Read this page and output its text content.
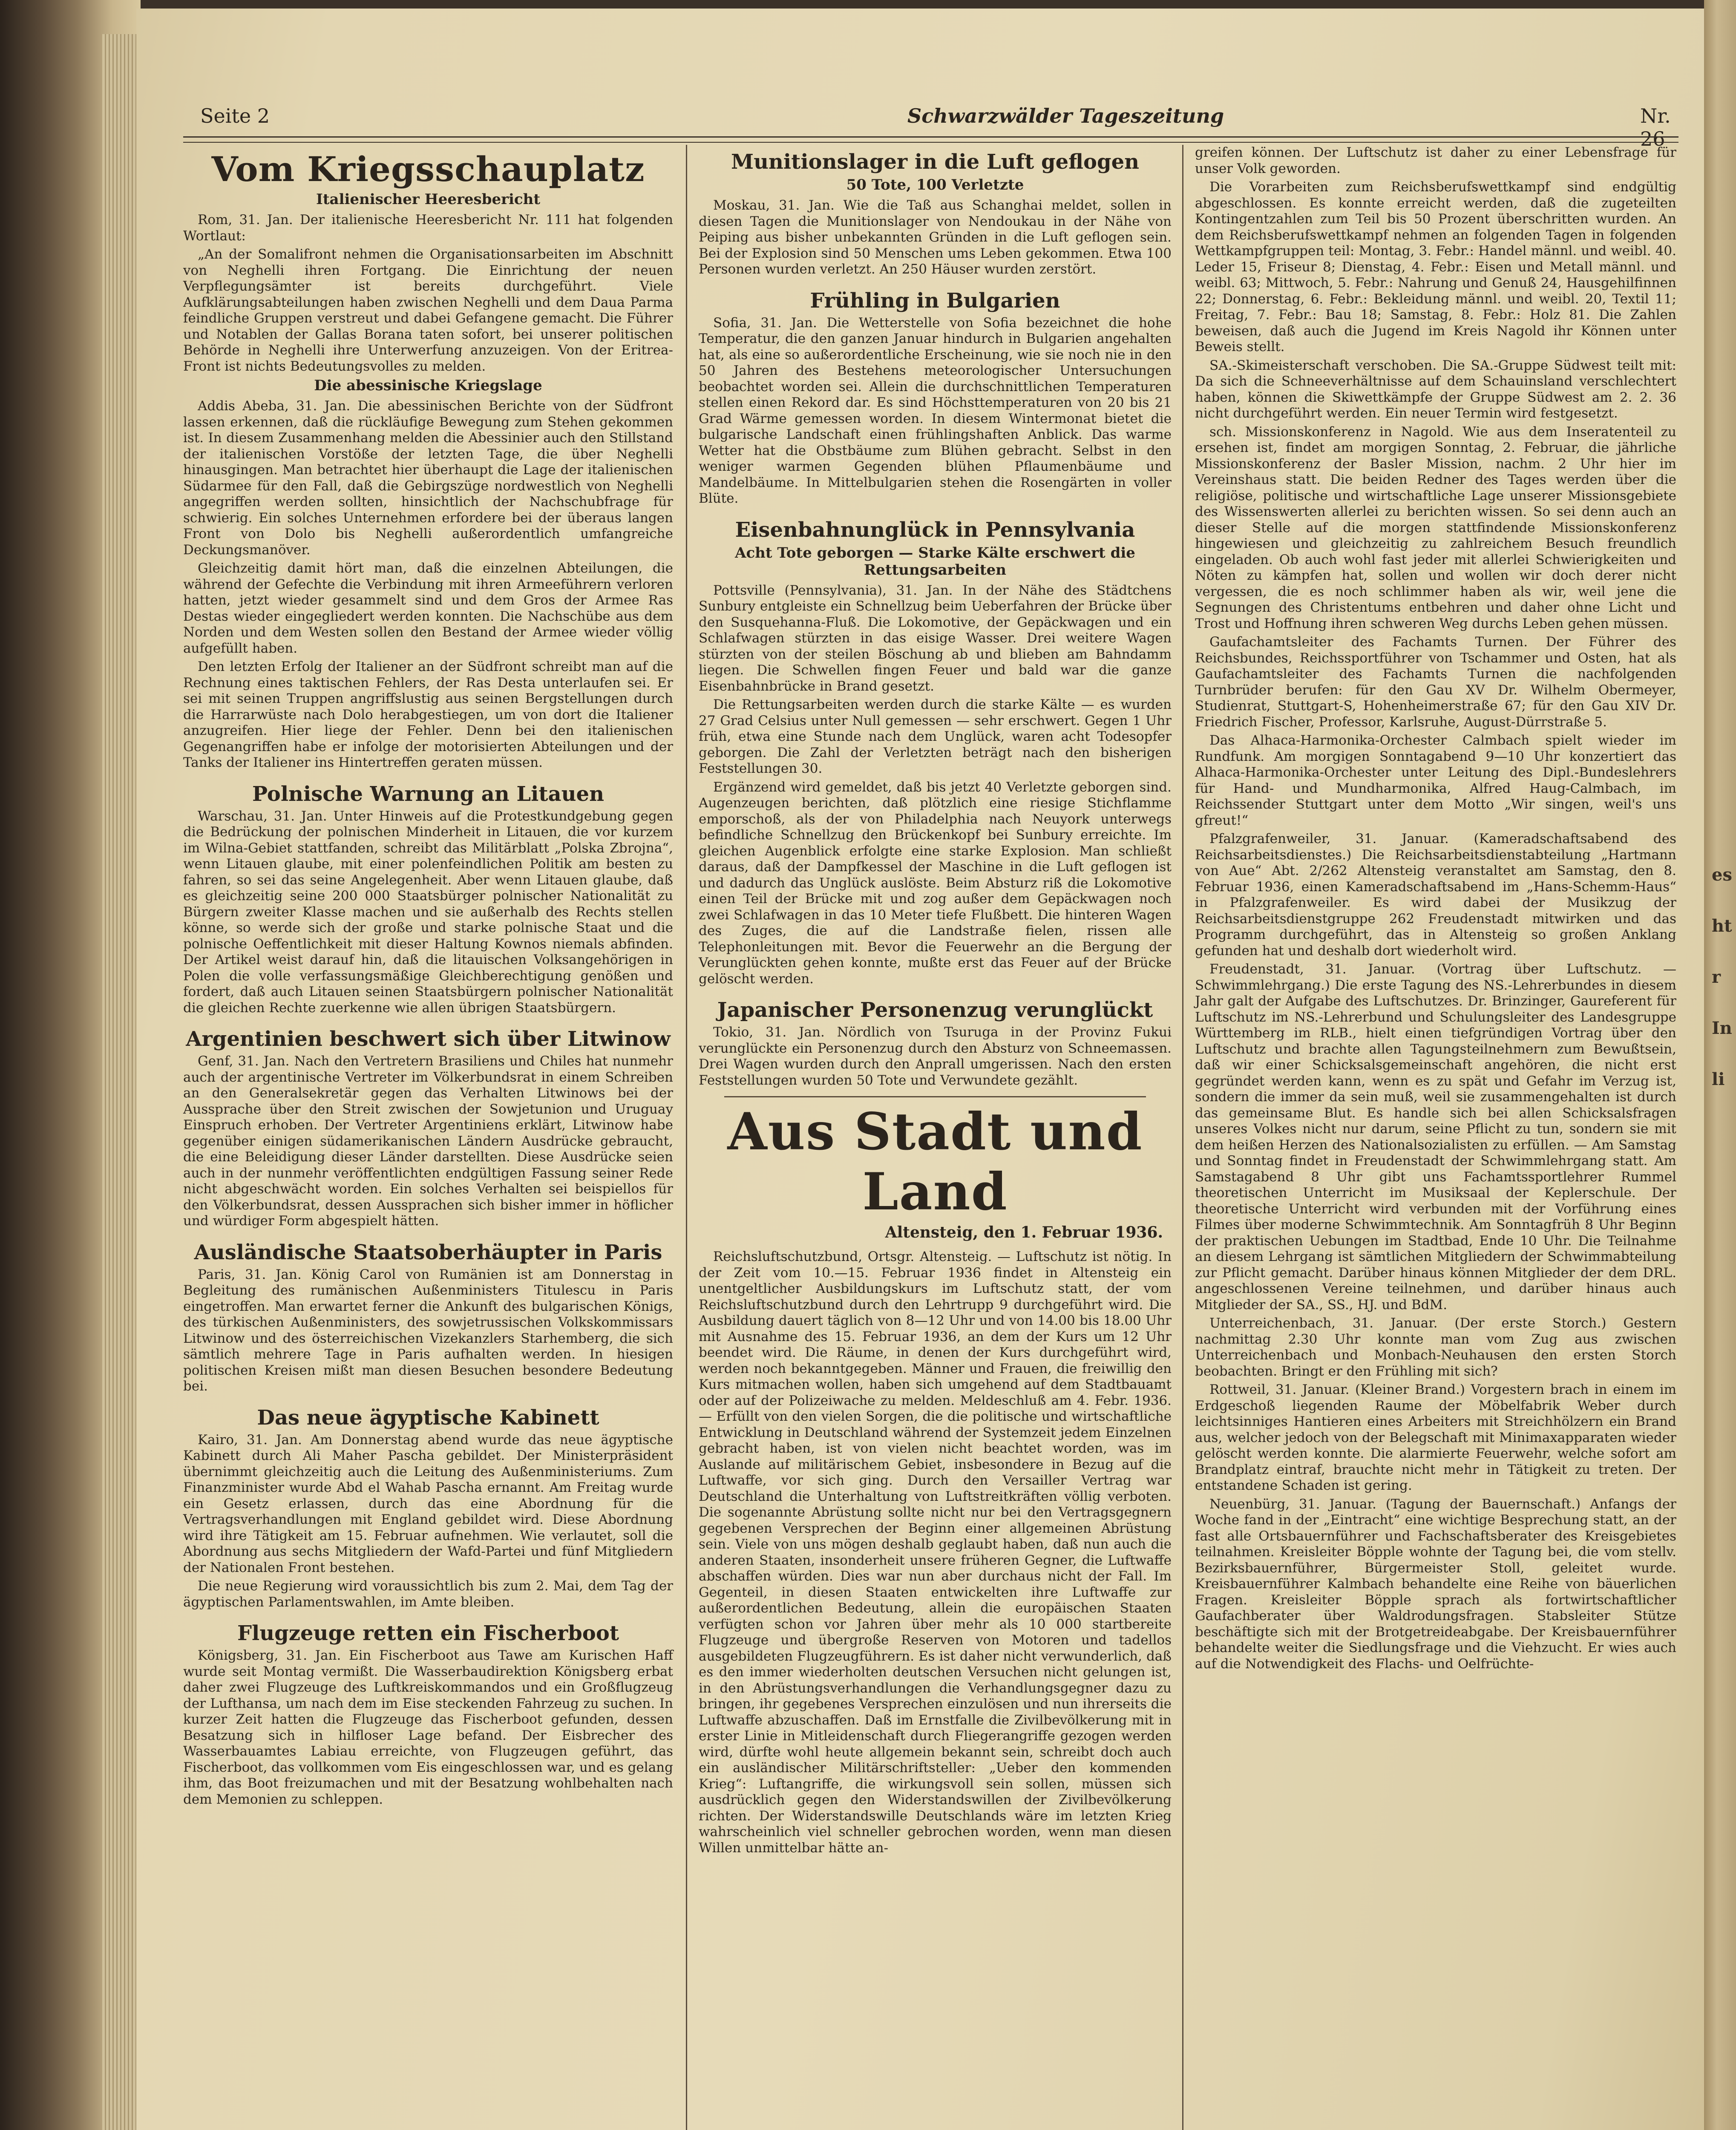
Seite 2	Schwarzwälder Tageszeitung	Nr. 26
Vom Kriegsschauplatz
Italienischer Heeresbericht

Rom, 31. Jan. Der italienische Heeresbericht Nr. 111 hat folgenden Wortlaut:

„An der Somalifront nehmen die Organisationsarbeiten im Abschnitt von Neghelli ihren Fortgang. Die Einrichtung der neuen Verpflegungsämter ist bereits durchgeführt. Viele Aufklärungsabteilungen haben zwischen Neghelli und dem Daua Parma feindliche Gruppen verstreut und dabei Gefangene gemacht. Die Führer und Notablen der Gallas Borana taten sofort, bei unserer politischen Behörde in Neghelli ihre Unterwerfung anzuzeigen. Von der Eritrea-Front ist nichts Bedeutungsvolles zu melden.

Die abessinische Kriegslage

Addis Abeba, 31. Jan. Die abessinischen Berichte von der Südfront lassen erkennen, daß die rückläufige Bewegung zum Stehen gekommen ist. In diesem Zusammenhang melden die Abessinier auch den Stillstand der italienischen Vorstöße der letzten Tage, die über Neghelli hinausgingen. Man betrachtet hier überhaupt die Lage der italienischen Südarmee für den Fall, daß die Gebirgszüge nordwestlich von Neghelli angegriffen werden sollten, hinsichtlich der Nachschubfrage für schwierig. Ein solches Unternehmen erfordere bei der überaus langen Front von Dolo bis Neghelli außerordentlich umfangreiche Deckungsmanöver.

Gleichzeitig damit hört man, daß die einzelnen Abteilungen, die während der Gefechte die Verbindung mit ihren Armeeführern verloren hatten, jetzt wieder gesammelt sind und dem Gros der Armee Ras Destas wieder eingegliedert werden konnten. Die Nachschübe aus dem Norden und dem Westen sollen den Bestand der Armee wieder völlig aufgefüllt haben.

Den letzten Erfolg der Italiener an der Südfront schreibt man auf die Rechnung eines taktischen Fehlers, der Ras Desta unterlaufen sei. Er sei mit seinen Truppen angriffslustig aus seinen Bergstellungen durch die Harrarwüste nach Dolo herabgestiegen, um von dort die Italiener anzugreifen. Hier liege der Fehler. Denn bei den italienischen Gegenangriffen habe er infolge der motorisierten Abteilungen und der Tanks der Italiener ins Hintertreffen geraten müssen.

Polnische Warnung an Litauen

Warschau, 31. Jan. Unter Hinweis auf die Protestkundgebung gegen die Bedrückung der polnischen Minderheit in Litauen, die vor kurzem im Wilna-Gebiet stattfanden, schreibt das Militärblatt „Polska Zbrojna“, wenn Litauen glaube, mit einer polenfeindlichen Politik am besten zu fahren, so sei das seine Angelegenheit. Aber wenn Litauen glaube, daß es gleichzeitig seine 200 000 Staatsbürger polnischer Nationalität zu Bürgern zweiter Klasse machen und sie außerhalb des Rechts stellen könne, so werde sich der große und starke polnische Staat und die polnische Oeffentlichkeit mit dieser Haltung Kownos niemals abfinden. Der Artikel weist darauf hin, daß die litauischen Volksangehörigen in Polen die volle verfassungsmäßige Gleichberechtigung genößen und fordert, daß auch Litauen seinen Staatsbürgern polnischer Nationalität die gleichen Rechte zuerkenne wie allen übrigen Staatsbürgern.

Argentinien beschwert sich über Litwinow

Genf, 31. Jan. Nach den Vertretern Brasiliens und Chiles hat nunmehr auch der argentinische Vertreter im Völkerbundsrat in einem Schreiben an den Generalsekretär gegen das Verhalten Litwinows bei der Aussprache über den Streit zwischen der Sowjetunion und Uruguay Einspruch erhoben. Der Vertreter Argentiniens erklärt, Litwinow habe gegenüber einigen südamerikanischen Ländern Ausdrücke gebraucht, die eine Beleidigung dieser Länder darstellten. Diese Ausdrücke seien auch in der nunmehr veröffentlichten endgültigen Fassung seiner Rede nicht abgeschwächt worden. Ein solches Verhalten sei beispiellos für den Völkerbundsrat, dessen Aussprachen sich bisher immer in höflicher und würdiger Form abgespielt hätten.

Ausländische Staatsoberhäupter in Paris

Paris, 31. Jan. König Carol von Rumänien ist am Donnerstag in Begleitung des rumänischen Außenministers Titulescu in Paris eingetroffen. Man erwartet ferner die Ankunft des bulgarischen Königs, des türkischen Außenministers, des sowjetrussischen Volkskommissars Litwinow und des österreichischen Vizekanzlers Starhemberg, die sich sämtlich mehrere Tage in Paris aufhalten werden. In hiesigen politischen Kreisen mißt man diesen Besuchen besondere Bedeutung bei.

Das neue ägyptische Kabinett

Kairo, 31. Jan. Am Donnerstag abend wurde das neue ägyptische Kabinett durch Ali Maher Pascha gebildet. Der Ministerpräsident übernimmt gleichzeitig auch die Leitung des Außenministeriums. Zum Finanzminister wurde Abd el Wahab Pascha ernannt. Am Freitag wurde ein Gesetz erlassen, durch das eine Abordnung für die Vertragsverhandlungen mit England gebildet wird. Diese Abordnung wird ihre Tätigkeit am 15. Februar aufnehmen. Wie verlautet, soll die Abordnung aus sechs Mitgliedern der Wafd-Partei und fünf Mitgliedern der Nationalen Front bestehen.

Die neue Regierung wird voraussichtlich bis zum 2. Mai, dem Tag der ägyptischen Parlamentswahlen, im Amte bleiben.

Flugzeuge retten ein Fischerboot

Königsberg, 31. Jan. Ein Fischerboot aus Tawe am Kurischen Haff wurde seit Montag vermißt. Die Wasserbaudirektion Königsberg erbat daher zwei Flugzeuge des Luftkreiskommandos und ein Großflugzeug der Lufthansa, um nach dem im Eise steckenden Fahrzeug zu suchen. In kurzer Zeit hatten die Flugzeuge das Fischerboot gefunden, dessen Besatzung sich in hilfloser Lage befand. Der Eisbrecher des Wasserbauamtes Labiau erreichte, von Flugzeugen geführt, das Fischerboot, das vollkommen vom Eis eingeschlossen war, und es gelang ihm, das Boot freizumachen und mit der Besatzung wohlbehalten nach dem Memonien zu schleppen.

Munitionslager in die Luft geflogen
50 Tote, 100 Verletzte

Moskau, 31. Jan. Wie die Taß aus Schanghai meldet, sollen in diesen Tagen die Munitionslager von Nendoukau in der Nähe von Peiping aus bisher unbekannten Gründen in die Luft geflogen sein. Bei der Explosion sind 50 Menschen ums Leben gekommen. Etwa 100 Personen wurden verletzt. An 250 Häuser wurden zerstört.

Frühling in Bulgarien

Sofia, 31. Jan. Die Wetterstelle von Sofia bezeichnet die hohe Temperatur, die den ganzen Januar hindurch in Bulgarien angehalten hat, als eine so außerordentliche Erscheinung, wie sie noch nie in den 50 Jahren des Bestehens meteorologischer Untersuchungen beobachtet worden sei. Allein die durchschnittlichen Temperaturen stellen einen Rekord dar. Es sind Höchsttemperaturen von 20 bis 21 Grad Wärme gemessen worden. In diesem Wintermonat bietet die bulgarische Landschaft einen frühlingshaften Anblick. Das warme Wetter hat die Obstbäume zum Blühen gebracht. Selbst in den weniger warmen Gegenden blühen Pflaumenbäume und Mandelbäume. In Mittelbulgarien stehen die Rosengärten in voller Blüte.

Eisenbahnunglück in Pennsylvania
Acht Tote geborgen — Starke Kälte erschwert die Rettungsarbeiten

Pottsville (Pennsylvania), 31. Jan. In der Nähe des Städtchens Sunbury entgleiste ein Schnellzug beim Ueberfahren der Brücke über den Susquehanna-Fluß. Die Lokomotive, der Gepäckwagen und ein Schlafwagen stürzten in das eisige Wasser. Drei weitere Wagen stürzten von der steilen Böschung ab und blieben am Bahndamm liegen. Die Schwellen fingen Feuer und bald war die ganze Eisenbahnbrücke in Brand gesetzt.

Die Rettungsarbeiten werden durch die starke Kälte — es wurden 27 Grad Celsius unter Null gemessen — sehr erschwert. Gegen 1 Uhr früh, etwa eine Stunde nach dem Unglück, waren acht Todesopfer geborgen. Die Zahl der Verletzten beträgt nach den bisherigen Feststellungen 30.

Ergänzend wird gemeldet, daß bis jetzt 40 Verletzte geborgen sind. Augenzeugen berichten, daß plötzlich eine riesige Stichflamme emporschoß, als der von Philadelphia nach Neuyork unterwegs befindliche Schnellzug den Brückenkopf bei Sunbury erreichte. Im gleichen Augenblick erfolgte eine starke Explosion. Man schließt daraus, daß der Dampfkessel der Maschine in die Luft geflogen ist und dadurch das Unglück auslöste. Beim Absturz riß die Lokomotive einen Teil der Brücke mit und zog außer dem Gepäckwagen noch zwei Schlafwagen in das 10 Meter tiefe Flußbett. Die hinteren Wagen des Zuges, die auf die Landstraße fielen, rissen alle Telephonleitungen mit. Bevor die Feuerwehr an die Bergung der Verunglückten gehen konnte, mußte erst das Feuer auf der Brücke gelöscht werden.

Japanischer Personenzug verunglückt

Tokio, 31. Jan. Nördlich von Tsuruga in der Provinz Fukui verunglückte ein Personenzug durch den Absturz von Schneemassen. Drei Wagen wurden durch den Anprall umgerissen. Nach den ersten Feststellungen wurden 50 Tote und Verwundete gezählt.

Aus Stadt und Land
Altensteig, den 1. Februar 1936.

Reichsluftschutzbund, Ortsgr. Altensteig. — Luftschutz ist nötig. In der Zeit vom 10.—15. Februar 1936 findet in Altensteig ein unentgeltlicher Ausbildungskurs im Luftschutz statt, der vom Reichsluftschutzbund durch den Lehrtrupp 9 durchgeführt wird. Die Ausbildung dauert täglich von 8—12 Uhr und von 14.00 bis 18.00 Uhr mit Ausnahme des 15. Februar 1936, an dem der Kurs um 12 Uhr beendet wird. Die Räume, in denen der Kurs durchgeführt wird, werden noch bekanntgegeben. Männer und Frauen, die freiwillig den Kurs mitmachen wollen, haben sich umgehend auf dem Stadtbauamt oder auf der Polizeiwache zu melden. Meldeschluß am 4. Febr. 1936. — Erfüllt von den vielen Sorgen, die die politische und wirtschaftliche Entwicklung in Deutschland während der Systemzeit jedem Einzelnen gebracht haben, ist von vielen nicht beachtet worden, was im Auslande auf militärischem Gebiet, insbesondere in Bezug auf die Luftwaffe, vor sich ging. Durch den Versailler Vertrag war Deutschland die Unterhaltung von Luftstreitkräften völlig verboten. Die sogenannte Abrüstung sollte nicht nur bei den Vertragsgegnern gegebenen Versprechen der Beginn einer allgemeinen Abrüstung sein. Viele von uns mögen deshalb geglaubt haben, daß nun auch die anderen Staaten, insonderheit unsere früheren Gegner, die Luftwaffe abschaffen würden. Dies war nun aber durchaus nicht der Fall. Im Gegenteil, in diesen Staaten entwickelten ihre Luftwaffe zur außerordentlichen Bedeutung, allein die europäischen Staaten verfügten schon vor Jahren über mehr als 10 000 startbereite Flugzeuge und übergroße Reserven von Motoren und tadellos ausgebildeten Flugzeugführern. Es ist daher nicht verwunderlich, daß es den immer wiederholten deutschen Versuchen nicht gelungen ist, in den Abrüstungsverhandlungen die Verhandlungsgegner dazu zu bringen, ihr gegebenes Versprechen einzulösen und nun ihrerseits die Luftwaffe abzuschaffen. Daß im Ernstfalle die Zivilbevölkerung mit in erster Linie in Mitleidenschaft durch Fliegerangriffe gezogen werden wird, dürfte wohl heute allgemein bekannt sein, schreibt doch auch ein ausländischer Militärschriftsteller: „Ueber den kommenden Krieg“: Luftangriffe, die wirkungsvoll sein sollen, müssen sich ausdrücklich gegen den Widerstandswillen der Zivilbevölkerung richten. Der Widerstandswille Deutschlands wäre im letzten Krieg wahrscheinlich viel schneller gebrochen worden, wenn man diesen Willen unmittelbar hätte an-

greifen können. Der Luftschutz ist daher zu einer Lebensfrage für unser Volk geworden.

Die Vorarbeiten zum Reichsberufswettkampf sind endgültig abgeschlossen. Es konnte erreicht werden, daß die zugeteilten Kontingentzahlen zum Teil bis 50 Prozent überschritten wurden. An dem Reichsberufswettkampf nehmen an folgenden Tagen in folgenden Wettkampfgruppen teil: Montag, 3. Febr.: Handel männl. und weibl. 40. Leder 15, Friseur 8; Dienstag, 4. Febr.: Eisen und Metall männl. und weibl. 63; Mittwoch, 5. Febr.: Nahrung und Genuß 24, Hausgehilfinnen 22; Donnerstag, 6. Febr.: Bekleidung männl. und weibl. 20, Textil 11; Freitag, 7. Febr.: Bau 18; Samstag, 8. Febr.: Holz 81. Die Zahlen beweisen, daß auch die Jugend im Kreis Nagold ihr Können unter Beweis stellt.

SA.-Skimeisterschaft verschoben. Die SA.-Gruppe Südwest teilt mit: Da sich die Schneeverhältnisse auf dem Schauinsland verschlechtert haben, können die Skiwettkämpfe der Gruppe Südwest am 2. 2. 36 nicht durchgeführt werden. Ein neuer Termin wird festgesetzt.

sch. Missionskonferenz in Nagold. Wie aus dem Inseratenteil zu ersehen ist, findet am morgigen Sonntag, 2. Februar, die jährliche Missionskonferenz der Basler Mission, nachm. 2 Uhr hier im Vereinshaus statt. Die beiden Redner des Tages werden über die religiöse, politische und wirtschaftliche Lage unserer Missionsgebiete des Wissenswerten allerlei zu berichten wissen. So sei denn auch an dieser Stelle auf die morgen stattfindende Missionskonferenz hingewiesen und gleichzeitig zu zahlreichem Besuch freundlich eingeladen. Ob auch wohl fast jeder mit allerlei Schwierigkeiten und Nöten zu kämpfen hat, sollen und wollen wir doch derer nicht vergessen, die es noch schlimmer haben als wir, weil jene die Segnungen des Christentums entbehren und daher ohne Licht und Trost und Hoffnung ihren schweren Weg durchs Leben gehen müssen.

Gaufachamtsleiter des Fachamts Turnen. Der Führer des Reichsbundes, Reichssportführer von Tschammer und Osten, hat als Gaufachamtsleiter des Fachamts Turnen die nachfolgenden Turnbrüder berufen: für den Gau XV Dr. Wilhelm Obermeyer, Studienrat, Stuttgart-S, Hohenheimerstraße 67; für den Gau XIV Dr. Friedrich Fischer, Professor, Karlsruhe, August-Dürrstraße 5.

Das Alhaca-Harmonika-Orchester Calmbach spielt wieder im Rundfunk. Am morgigen Sonntagabend 9—10 Uhr konzertiert das Alhaca-Harmonika-Orchester unter Leitung des Dipl.-Bundeslehrers für Hand- und Mundharmonika, Alfred Haug-Calmbach, im Reichssender Stuttgart unter dem Motto „Wir singen, weil's uns gfreut!“

Pfalzgrafenweiler, 31. Januar. (Kameradschaftsabend des Reichsarbeitsdienstes.) Die Reichsarbeitsdienstabteilung „Hartmann von Aue“ Abt. 2/262 Altensteig veranstaltet am Samstag, den 8. Februar 1936, einen Kameradschaftsabend im „Hans-Schemm-Haus“ in Pfalzgrafenweiler. Es wird dabei der Musikzug der Reichsarbeitsdienstgruppe 262 Freudenstadt mitwirken und das Programm durchgeführt, das in Altensteig so großen Anklang gefunden hat und deshalb dort wiederholt wird.

Freudenstadt, 31. Januar. (Vortrag über Luftschutz. — Schwimmlehrgang.) Die erste Tagung des NS.-Lehrerbundes in diesem Jahr galt der Aufgabe des Luftschutzes. Dr. Brinzinger, Gaureferent für Luftschutz im NS.-Lehrerbund und Schulungsleiter des Landesgruppe Württemberg im RLB., hielt einen tiefgründigen Vortrag über den Luftschutz und brachte allen Tagungsteilnehmern zum Bewußtsein, daß wir einer Schicksalsgemeinschaft angehören, die nicht erst gegründet werden kann, wenn es zu spät und Gefahr im Verzug ist, sondern die immer da sein muß, weil sie zusammengehalten ist durch das gemeinsame Blut. Es handle sich bei allen Schicksalsfragen unseres Volkes nicht nur darum, seine Pflicht zu tun, sondern sie mit dem heißen Herzen des Nationalsozialisten zu erfüllen. — Am Samstag und Sonntag findet in Freudenstadt der Schwimmlehrgang statt. Am Samstagabend 8 Uhr gibt uns Fachamtssportlehrer Rummel theoretischen Unterricht im Musiksaal der Keplerschule. Der theoretische Unterricht wird verbunden mit der Vorführung eines Filmes über moderne Schwimmtechnik. Am Sonntagfrüh 8 Uhr Beginn der praktischen Uebungen im Stadtbad, Ende 10 Uhr. Die Teilnahme an diesem Lehrgang ist sämtlichen Mitgliedern der Schwimmabteilung zur Pflicht gemacht. Darüber hinaus können Mitglieder der dem DRL. angeschlossenen Vereine teilnehmen, und darüber hinaus auch Mitglieder der SA., SS., HJ. und BdM.

Unterreichenbach, 31. Januar. (Der erste Storch.) Gestern nachmittag 2.30 Uhr konnte man vom Zug aus zwischen Unterreichenbach und Monbach-Neuhausen den ersten Storch beobachten. Bringt er den Frühling mit sich?

Rottweil, 31. Januar. (Kleiner Brand.) Vorgestern brach in einem im Erdgeschoß liegenden Raume der Möbelfabrik Weber durch leichtsinniges Hantieren eines Arbeiters mit Streichhölzern ein Brand aus, welcher jedoch von der Belegschaft mit Minimaxapparaten wieder gelöscht werden konnte. Die alarmierte Feuerwehr, welche sofort am Brandplatz eintraf, brauchte nicht mehr in Tätigkeit zu treten. Der entstandene Schaden ist gering.

Neuenbürg, 31. Januar. (Tagung der Bauernschaft.) Anfangs der Woche fand in der „Eintracht“ eine wichtige Besprechung statt, an der fast alle Ortsbauernführer und Fachschaftsberater des Kreisgebietes teilnahmen. Kreisleiter Böpple wohnte der Tagung bei, die vom stellv. Bezirksbauernführer, Bürgermeister Stoll, geleitet wurde. Kreisbauernführer Kalmbach behandelte eine Reihe von bäuerlichen Fragen. Kreisleiter Böpple sprach als fortwirtschaftlicher Gaufachberater über Waldrodungsfragen. Stabsleiter Stütze beschäftigte sich mit der Brotgetreideabgabe. Der Kreisbauernführer behandelte weiter die Siedlungsfrage und die Viehzucht. Er wies auch auf die Notwendigkeit des Flachs- und Oelfrüchte-

es
ht
r
In
li
